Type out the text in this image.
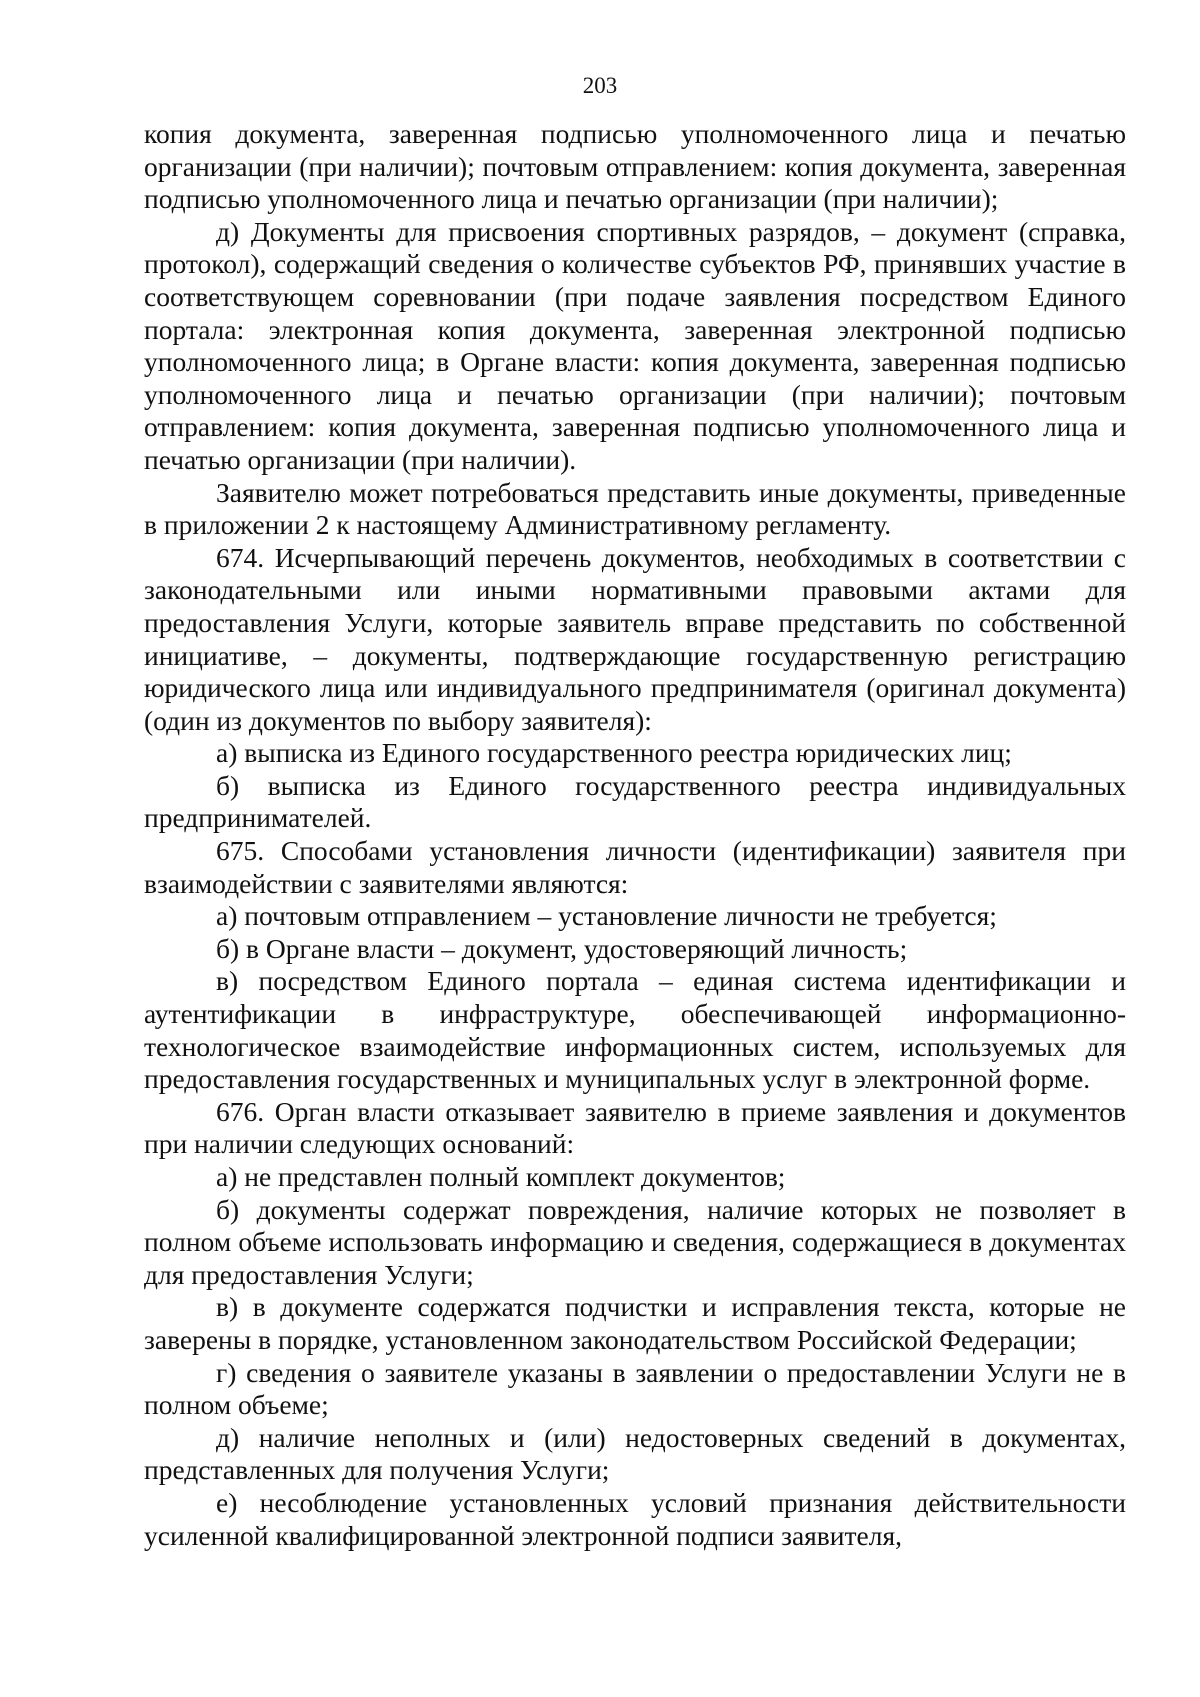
203

копия документа, заверенная подписью уполномоченного лица и печатью организации (при наличии); почтовым отправлением: копия документа, заверенная подписью уполномоченного лица и печатью организации (при наличии);

д) Документы для присвоения спортивных разрядов, – документ (справка, протокол), содержащий сведения о количестве субъектов РФ, принявших участие в соответствующем соревновании (при подаче заявления посредством Единого портала: электронная копия документа, заверенная электронной подписью уполномоченного лица; в Органе власти: копия документа, заверенная подписью уполномоченного лица и печатью организации (при наличии); почтовым отправлением: копия документа, заверенная подписью уполномоченного лица и печатью организации (при наличии).

Заявителю может потребоваться представить иные документы, приведенные в приложении 2 к настоящему Административному регламенту.

674. Исчерпывающий перечень документов, необходимых в соответствии с законодательными или иными нормативными правовыми актами для предоставления Услуги, которые заявитель вправе представить по собственной инициативе, – документы, подтверждающие государственную регистрацию юридического лица или индивидуального предпринимателя (оригинал документа) (один из документов по выбору заявителя):

а) выписка из Единого государственного реестра юридических лиц;

б) выписка из Единого государственного реестра индивидуальных предпринимателей.

675. Способами установления личности (идентификации) заявителя при взаимодействии с заявителями являются:

а) почтовым отправлением – установление личности не требуется;

б) в Органе власти – документ, удостоверяющий личность;

в) посредством Единого портала – единая система идентификации и аутентификации в инфраструктуре, обеспечивающей информационно-технологическое взаимодействие информационных систем, используемых для предоставления государственных и муниципальных услуг в электронной форме.

676. Орган власти отказывает заявителю в приеме заявления и документов при наличии следующих оснований:

а) не представлен полный комплект документов;

б) документы содержат повреждения, наличие которых не позволяет в полном объеме использовать информацию и сведения, содержащиеся в документах для предоставления Услуги;

в) в документе содержатся подчистки и исправления текста, которые не заверены в порядке, установленном законодательством Российской Федерации;

г) сведения о заявителе указаны в заявлении о предоставлении Услуги не в полном объеме;

д) наличие неполных и (или) недостоверных сведений в документах, представленных для получения Услуги;

е) несоблюдение установленных условий признания действительности усиленной квалифицированной электронной подписи заявителя,
